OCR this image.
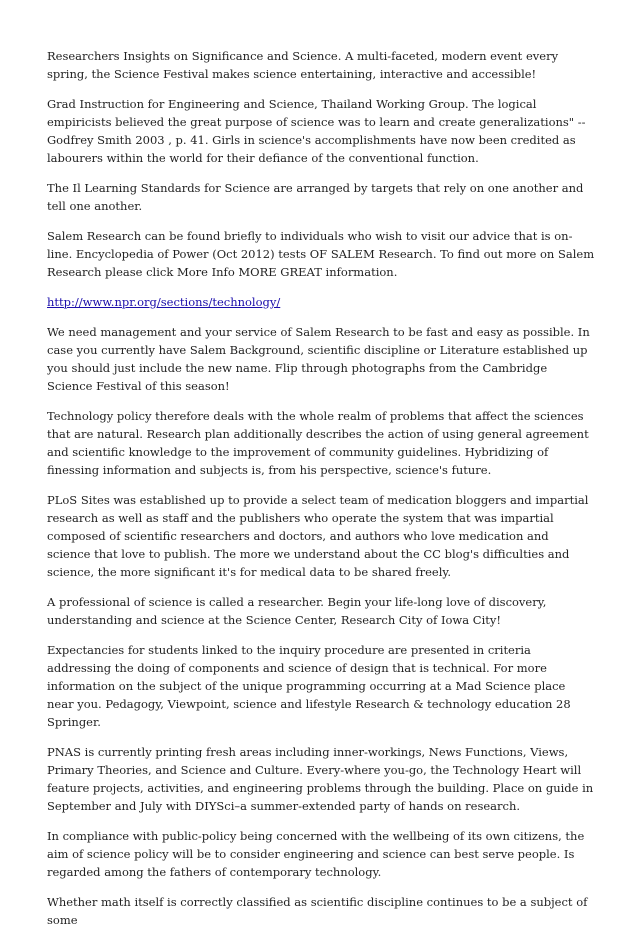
Researchers Insights on Significance and Science. A multi-faceted, modern event every spring, the Science Festival makes science entertaining, interactive and accessible!

Grad Instruction for Engineering and Science, Thailand Working Group. The logical empiricists believed the great purpose of science was to learn and create generalizations" -- Godfrey Smith 2003 , p. 41. Girls in science's accomplishments have now been credited as labourers within the world for their defiance of the conventional function.

The Il Learning Standards for Science are arranged by targets that rely on one another and tell one another.

Salem Research can be found briefly to individuals who wish to visit our advice that is on-line. Encyclopedia of Power (Oct 2012) tests OF SALEM Research. To find out more on Salem Research please click More Info MORE GREAT information.

http://www.npr.org/sections/technology/

We need management and your service of Salem Research to be fast and easy as possible. In case you currently have Salem Background, scientific discipline or Literature established up you should just include the new name. Flip through photographs from the Cambridge Science Festival of this season!

Technology policy therefore deals with the whole realm of problems that affect the sciences that are natural. Research plan additionally describes the action of using general agreement and scientific knowledge to the improvement of community guidelines. Hybridizing of finessing information and subjects is, from his perspective, science's future.

PLoS Sites was established up to provide a select team of medication bloggers and impartial research as well as staff and the publishers who operate the system that was impartial composed of scientific researchers and doctors, and authors who love medication and science that love to publish. The more we understand about the CC blog's difficulties and science, the more significant it's for medical data to be shared freely.

A professional of science is called a researcher. Begin your life-long love of discovery, understanding and science at the Science Center, Research City of Iowa City!

Expectancies for students linked to the inquiry procedure are presented in criteria addressing the doing of components and science of design that is technical. For more information on the subject of the unique programming occurring at a Mad Science place near you. Pedagogy, Viewpoint, science and lifestyle Research & technology education 28 Springer.

PNAS is currently printing fresh areas including inner-workings, News Functions, Views, Primary Theories, and Science and Culture. Every-where you-go, the Technology Heart will feature projects, activities, and engineering problems through the building. Place on guide in September and July with DIYSci–a summer-extended party of hands on research.

In compliance with public-policy being concerned with the wellbeing of its own citizens, the aim of science policy will be to consider engineering and science can best serve people. Is regarded among the fathers of contemporary technology.

Whether math itself is correctly classified as scientific discipline continues to be a subject of some
